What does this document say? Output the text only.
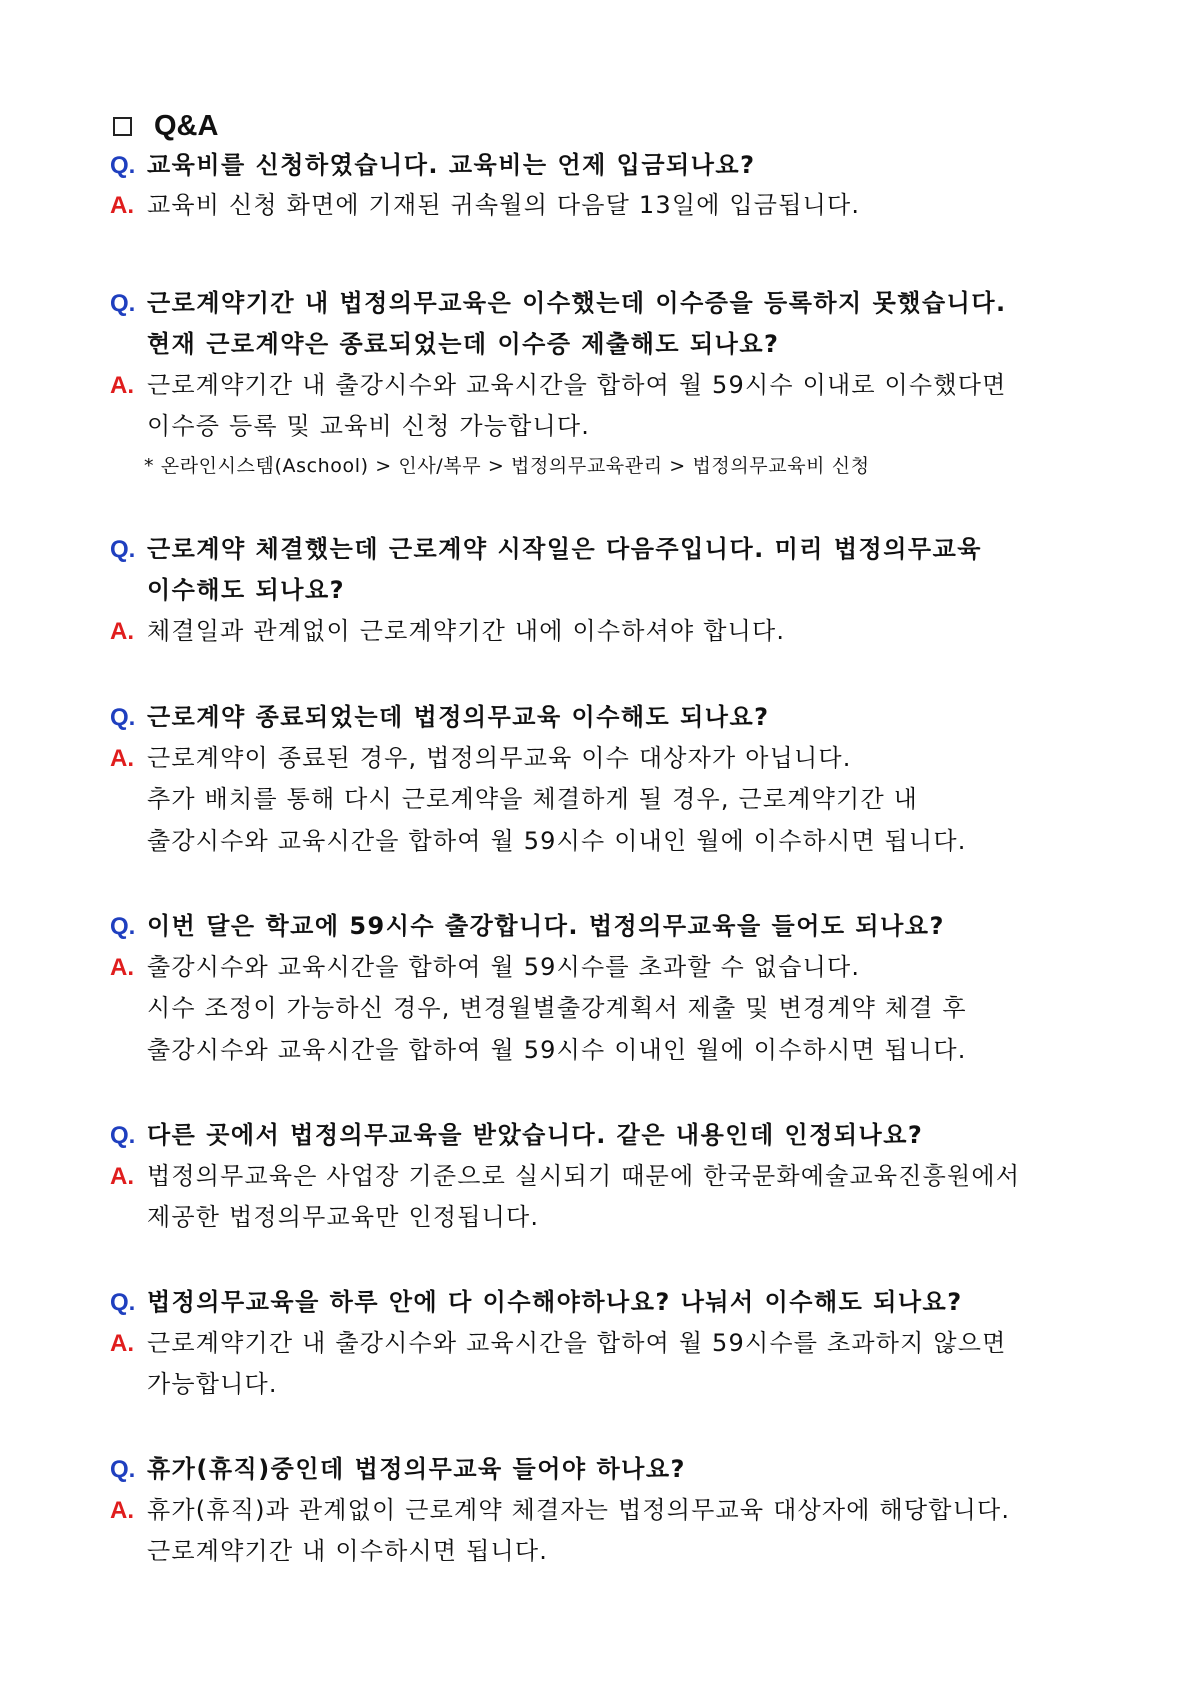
Q&A
Q. 교육비를 신청하였습니다. 교육비는 언제 입금되나요?
A. 교육비 신청 화면에 기재된 귀속월의 다음달 13일에 입금됩니다.
Q. 근로계약기간 내 법정의무교육은 이수했는데 이수증을 등록하지 못했습니다.
현재 근로계약은 종료되었는데 이수증 제출해도 되나요?
A. 근로계약기간 내 출강시수와 교육시간을 합하여 월 59시수 이내로 이수했다면
이수증 등록 및 교육비 신청 가능합니다.
* 온라인시스템(Aschool) > 인사/복무 > 법정의무교육관리 > 법정의무교육비 신청
Q. 근로계약 체결했는데 근로계약 시작일은 다음주입니다. 미리 법정의무교육
이수해도 되나요?
A. 체결일과 관계없이 근로계약기간 내에 이수하셔야 합니다.
Q. 근로계약 종료되었는데 법정의무교육 이수해도 되나요?
A. 근로계약이 종료된 경우, 법정의무교육 이수 대상자가 아닙니다.
추가 배치를 통해 다시 근로계약을 체결하게 될 경우, 근로계약기간 내
출강시수와 교육시간을 합하여 월 59시수 이내인 월에 이수하시면 됩니다.
Q. 이번 달은 학교에 59시수 출강합니다. 법정의무교육을 들어도 되나요?
A. 출강시수와 교육시간을 합하여 월 59시수를 초과할 수 없습니다.
시수 조정이 가능하신 경우, 변경월별출강계획서 제출 및 변경계약 체결 후
출강시수와 교육시간을 합하여 월 59시수 이내인 월에 이수하시면 됩니다.
Q. 다른 곳에서 법정의무교육을 받았습니다. 같은 내용인데 인정되나요?
A. 법정의무교육은 사업장 기준으로 실시되기 때문에 한국문화예술교육진흥원에서
제공한 법정의무교육만 인정됩니다.
Q. 법정의무교육을 하루 안에 다 이수해야하나요? 나눠서 이수해도 되나요?
A. 근로계약기간 내 출강시수와 교육시간을 합하여 월 59시수를 초과하지 않으면
가능합니다.
Q. 휴가(휴직)중인데 법정의무교육 들어야 하나요?
A. 휴가(휴직)과 관계없이 근로계약 체결자는 법정의무교육 대상자에 해당합니다.
근로계약기간 내 이수하시면 됩니다.
